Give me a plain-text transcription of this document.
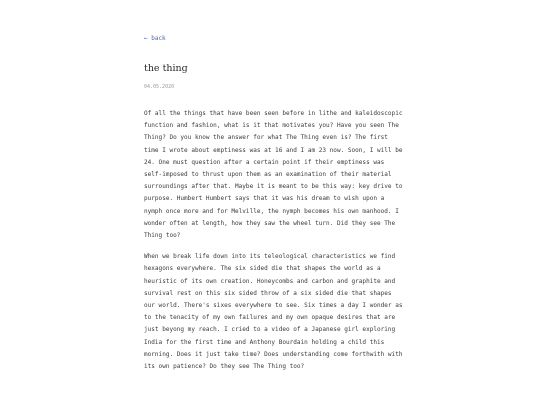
← back
the thing
04.05.2020

Of all the things that have been seen before in lithe and kaleidoscopic function and fashion, what is it that motivates you? Have you seen The Thing? Do you know the answer for what The Thing even is? The first time I wrote about emptiness was at 16 and I am 23 now. Soon, I will be 24. One must question after a certain point if their emptiness was self-imposed to thrust upon them as an examination of their material surroundings after that. Maybe it is meant to be this way: key drive to purpose. Humbert Humbert says that it was his dream to wish upon a nymph once more and for Melville, the nymph becomes his own manhood. I wonder often at length, how they saw the wheel turn. Did they see The Thing too?

When we break life down into its teleological characteristics we find hexagons everywhere. The six sided die that shapes the world as a heuristic of its own creation. Honeycombs and carbon and graphite and survival rest on this six sided throw of a six sided die that shapes our world. There's sixes everywhere to see. Six times a day I wonder as to the tenacity of my own failures and my own opaque desires that are just beyong my reach. I cried to a video of a Japanese girl exploring India for the first time and Anthony Bourdain holding a child this morning. Does it just take time? Does understanding come forthwith with its own patience? Do they see The Thing too?
